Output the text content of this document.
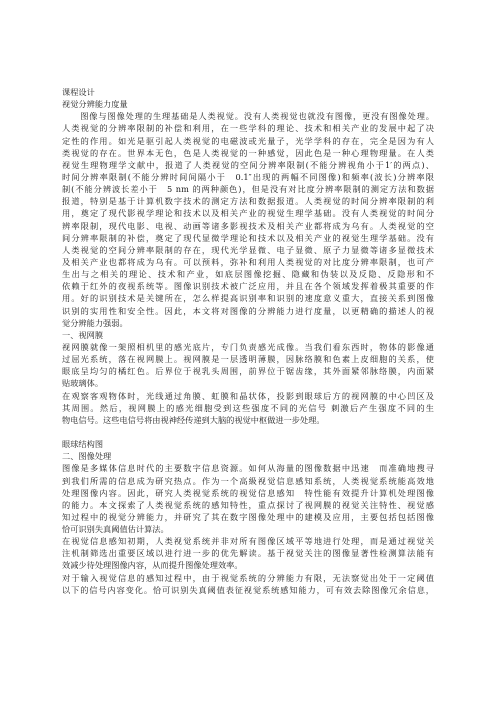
课程设计
视觉分辨能力度量
　　图像与图像处理的生理基础是人类视觉。没有人类视觉也就没有图像，更没有图像处理。
人类视觉的分辨率限制的补偿和利用，在一些学科的理论、技术和相关产业的发展中起了决
定性的作用。如光是驱引起人类视觉的电磁波或光量子，光学学科的存在，完全是因为有人
类视觉的存在。世界本无色，色是人类视觉的一种感觉，因此色是一种心理物理量。在人类
视觉生理物理学文献中，报道了人类视觉的空间分辨率限制(不能分辨视角小于1′的两点)、
时间分辨率限制(不能分辨时间间隔小于　0.1″出现的两幅不同图像)和频率(波长)分辨率限
制(不能分辨波长差小于　5 nm 的两种颜色)，但是没有对比度分辨率限制的测定方法和数据
报道，特别是基于计算机数字技术的测定方法和数据报道。人类视觉的时间分辨率限制的利
用，奠定了现代影视学理论和技术以及相关产业的视觉生理学基础。没有人类视觉的时间分
辨率限制，现代电影、电视、动画等诸多影视技术及相关产业都将成为乌有。人类视觉的空
间分辨率限制的补偿，奠定了现代显微学理论和技术以及相关产业的视觉生理学基础。没有
人类视觉的空间分辨率限制的存在，现代光学显微、电子显微、原子力显微等诸多显微技术
及相关产业也都将成为乌有。可以预料，弥补和利用人类视觉的对比度分辨率限制，也可产
生出与之相关的理论、技术和产业，如底层图像挖掘、隐藏和伪装以及反隐、反隐形和不
依赖于红外的夜视系统等。图像识别技术被广泛应用，并且在各个领域发挥着极其重要的作
用。好的识别技术是关键所在，怎么样提高识别率和识别的速度意义重大，直接关系到图像
识别的实用性和安全性。因此，本文将对图像的分辨能力进行度量，以更精确的描述人的视
觉分辨能力强弱。
一、视网膜
视网膜就像一架照相机里的感光底片，专门负责感光成像。当我们看东西时，物体的影像通
过屈光系统，落在视网膜上。视网膜是一层透明薄膜，因脉络膜和色素上皮细胞的关系，使
眼底呈均匀的橘红色。后界位于视乳头周围，前界位于锯齿缘，其外面紧邻脉络膜，内面紧
贴玻璃体。
在观察客观物体时，光线通过角膜、虹膜和晶状体，投影到眼球后方的视网膜的中心凹区及
其周围。然后，视网膜上的感光细胞受到这些强度不同的光信号 刺激后产生强度不同的生
物电信号。这些电信号将由视神经传递到大脑的视觉中枢做进一步处理。
眼球结构图
二、图像处理
图像是多媒体信息时代的主要数字信息资源。如何从海量的图像数据中迅速　而准确地搜寻
到我们所需的信息成为研究热点。作为一个高級视觉信息感知系统，人类视觉系统能高效地
处理图像内容。因此，研究人类视觉系统的视觉信息感知　特性能有效提升计算机处理图像
的能力。本文探索了人类视觉系统的感知特性，重点探讨了视网膜的视觉关注特性、视觉感
知过程中的视觉分辨能力，并研究了其在数字图像处理中的建模及应用，主要包括包括图像
恰可识别失真阈值估计算法。
在视觉信息感知初期，人类视觉系统并非对所有图像区域平等地进行处理，而是通过视觉关
注机制筛选出重要区域以进行进一步的优先解读。基于视觉关注的图像显著性检测算法能有
效减少待处理图像内容，从而提升图像处理效率。
对于输入视觉信息的感知过程中，由于视觉系统的分辨能力有限，无法察觉出处于一定阈值
以下的信号内容变化。恰可识别失真阈值表征视觉系统感知能力，可有效去除图像冗余信息，
